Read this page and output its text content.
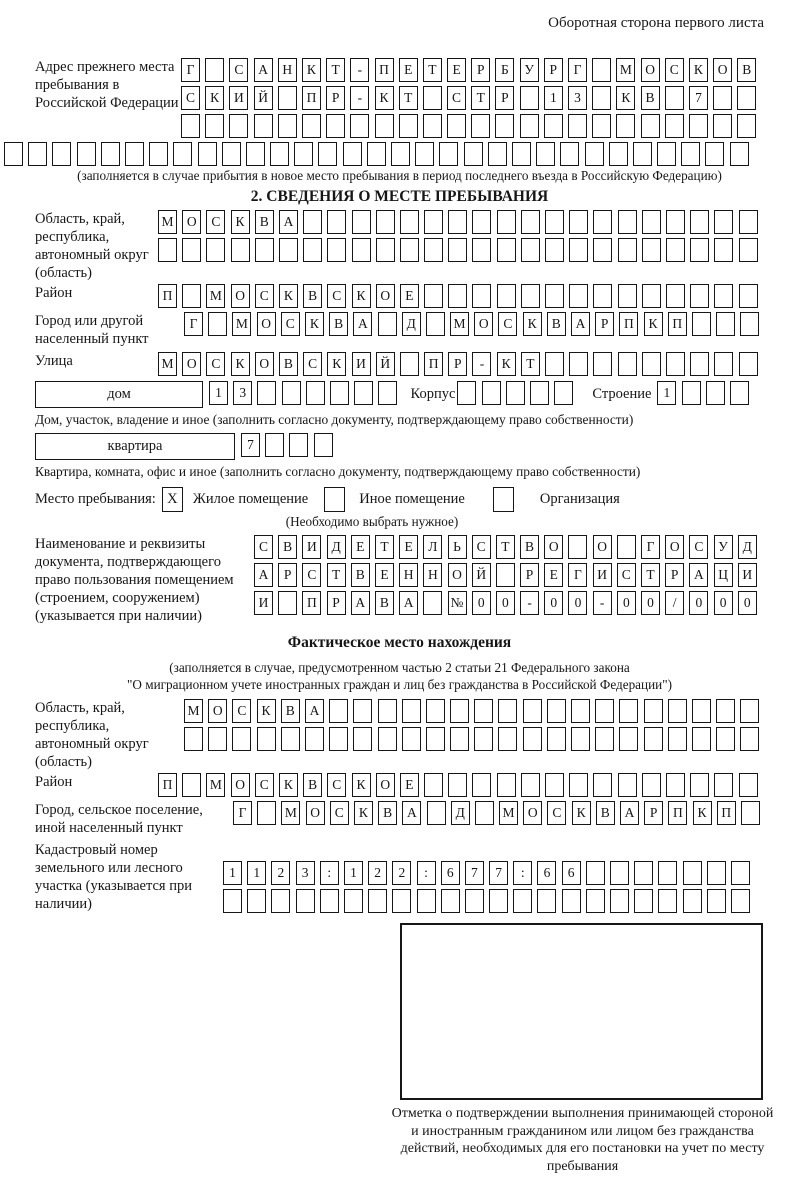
Оборотная сторона первого листа
Адрес прежнего места пребывания в Российской Федерации
Г	С	А	Н	К	Т	-	П	Е	Т	Е	Р	Б	У	Р	Г	М О	С	К	О	В
С	К	И	Й	П	Р	-	К	Т	С	Т	Р	1	3	К	В	7
(заполняется в случае прибытия в новое место пребывания в период последнего въезда в Российскую Федерацию)
2. СВЕДЕНИЯ О МЕСТЕ ПРЕБЫВАНИЯ
Область, край, республика, автономный округ (область)
М О	С	К	В	А
Район	П	М О	С	К	В	С	К	О	Е
Город или другой населенный пункт
Г	М О	С	К	В	А	Д	М О	С	К	В	А	Р	П	К	П
Улица	М О	С	К	О	В	С	К	И	Й	П	Р	-	К	Т
дом	1	3	Корпус	Строение 1
Дом, участок, владение и иное (заполнить согласно документу, подтверждающему право собственности)
квартира	7
Квартира, комната, офис и иное (заполнить согласно документу, подтверждающему право собственности)
Место пребывания: X	Жилое помещение	Иное помещение	Организация
(Необходимо выбрать нужное)
Наименование и реквизиты документа, подтверждающего право пользования помещением (строением, сооружением) (указывается при наличии)
С	В	И	Д	Е	Т	Е	Л	Ь	С	Т	В	О	О	Г	О	С	У	Д
А	Р	С	Т	В	Е	Н	Н	О	Й	Р	Е	Г	И	С	Т	Р	А	Ц	И
И	П	Р	А	В	А	№	0	0	-	0	0	-	0	0	/	0	0	0
Фактическое место нахождения
(заполняется в случае, предусмотренном частью 2 статьи 21 Федерального закона
"О миграционном учете иностранных граждан и лиц без гражданства в Российской Федерации")
Область, край, республика, автономный округ (область)
М О	С	К	В	А
Район	П	М О	С	К	В	С	К	О	Е
Город, сельское поселение, иной населенный пункт
Г	М О	С	К	В	А	Д	М О	С	К	В	А	Р	П	К	П
Кадастровый номер земельного или лесного участка (указывается при наличии)
1	1	2	3	:	1	2	2	:	6	7	7	:	6	6
Отметка о подтверждении выполнения принимающей стороной и иностранным гражданином или лицом без гражданства действий, необходимых для его постановки на учет по месту пребывания
